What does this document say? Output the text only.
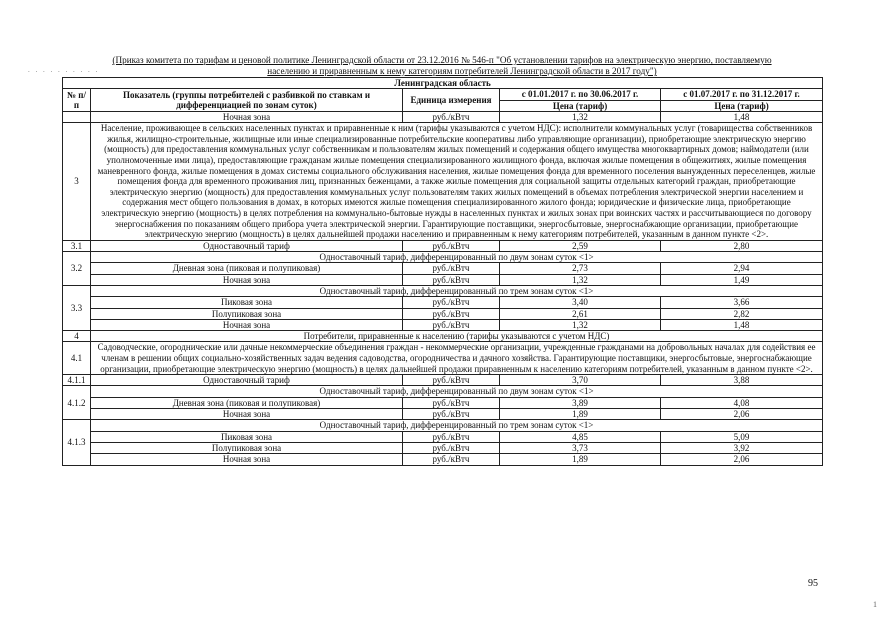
(Приказ комитета по тарифам и ценовой политике Ленинградской области от 23.12.2016 № 546-п "Об установлении тарифов на электрическую энергию, поставляемую
населению и приравненным к нему категориям потребителей Ленинградской области в 2017 году")
. . . . . . . . . .
Ленинградская область				
№ п/п	Показатель (группы потребителей с разбивкой по ставкам и дифференциацией по зонам суток)	Единица измерения	с 01.01.2017 г. по 30.06.2017 г.	с 01.07.2017 г. по 31.12.2017 г.
			Цена (тариф)	Цена (тариф)
	Ночная зона	руб./кВтч	1,32	1,48
3	Население, проживающее в сельских населенных пунктах и приравненные к ним (тарифы указываются с учетом НДС): исполнители коммунальных услуг (товарищества собственников жилья, жилищно-строительные, жилищные или иные специализированные потребительские кооперативы либо управляющие организации), приобретающие электрическую энергию (мощность) для предоставления коммунальных услуг собственникам и пользователям жилых помещений и содержания общего имущества многоквартирных домов; наймодатели (или уполномоченные ими лица), предоставляющие гражданам жилые помещения специализированного жилищного фонда, включая жилые помещения в общежитиях, жилые помещения маневренного фонда, жилые помещения в домах системы социального обслуживания населения, жилые помещения фонда для временного поселения вынужденных переселенцев, жилые помещения фонда для временного проживания лиц, признанных беженцами, а также жилые помещения для социальной защиты отдельных категорий граждан, приобретающие электрическую энергию (мощность) для предоставления коммунальных услуг пользователям таких жилых помещений в объемах потребления электрической энергии населением и содержания мест общего пользования в домах, в которых имеются жилые помещения специализированного жилого фонда; юридические и физические лица, приобретающие электрическую энергию (мощность) в целях потребления на коммунально-бытовые нужды в населенных пунктах и жилых зонах при воинских частях и рассчитывающиеся по договору энергоснабжения по показаниям общего прибора учета электрической энергии. Гарантирующие поставщики, энергосбытовые, энергоснабжающие организации, приобретающие электрическую энергию (мощность) в целях дальнейшей продажи населению и приравненным к нему категориям потребителей, указанным в данном пункте <2>.			
3.1	Одноставочный тариф	руб./кВтч	2,59	2,80
3.2	Одноставочный тариф, дифференцированный по двум зонам суток <1>			
	Дневная зона (пиковая и полупиковая)	руб./кВтч	2,73	2,94
	Ночная зона	руб./кВтч	1,32	1,49
3.3	Одноставочный тариф, дифференцированный по трем зонам суток <1>			
	Пиковая зона	руб./кВтч	3,40	3,66
	Полупиковая зона	руб./кВтч	2,61	2,82
	Ночная зона	руб./кВтч	1,32	1,48
4	Потребители, приравненные к населению (тарифы указываются с учетом НДС)			
4.1	Садоводческие, огороднические или дачные некоммерческие объединения граждан - некоммерческие организации, учрежденные гражданами на добровольных началах для содействия ее членам в решении общих социально-хозяйственных задач ведения садоводства, огородничества и дачного хозяйства. Гарантирующие поставщики, энергосбытовые, энергоснабжающие организации, приобретающие электрическую энергию (мощность) в целях дальнейшей продажи приравненным к населению категориям потребителей, указанным в данном пункте <2>.			
4.1.1	Одноставочный тариф	руб./кВтч	3,70	3,88
4.1.2	Одноставочный тариф, дифференцированный по двум зонам суток <1>			
	Дневная зона (пиковая и полупиковая)	руб./кВтч	3,89	4,08
	Ночная зона	руб./кВтч	1,89	2,06
4.1.3	Одноставочный тариф, дифференцированный по трем зонам суток <1>			
	Пиковая зона	руб./кВтч	4,85	5,09
	Полупиковая зона	руб./кВтч	3,73	3,92
	Ночная зона	руб./кВтч	1,89	2,06
95
1
